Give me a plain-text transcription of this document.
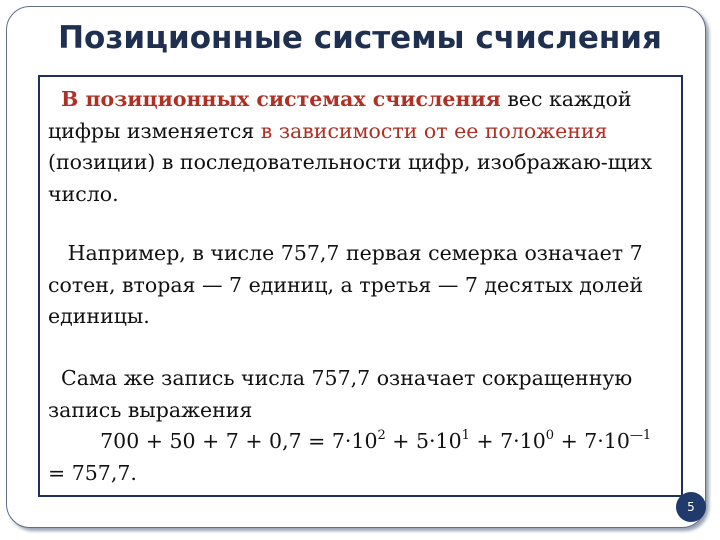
Позиционные системы счисления
В позиционных системах счисления вес каждой цифры изменяется в зависимости от ее положения (позиции) в последовательности цифр, изображаю-щих число.
Например, в числе 757,7 первая семерка означает 7 сотен, вторая — 7 единиц, а третья — 7 десятых долей единицы.
Сама же запись числа 757,7 означает сокращенную запись выражения
$700 + 50 + 7 + 0,7 = 7\cdot 10^2 + 5\cdot 10^1 + 7\cdot 10^0 + 7\cdot 10^{—1}$
= 757,7.
5
